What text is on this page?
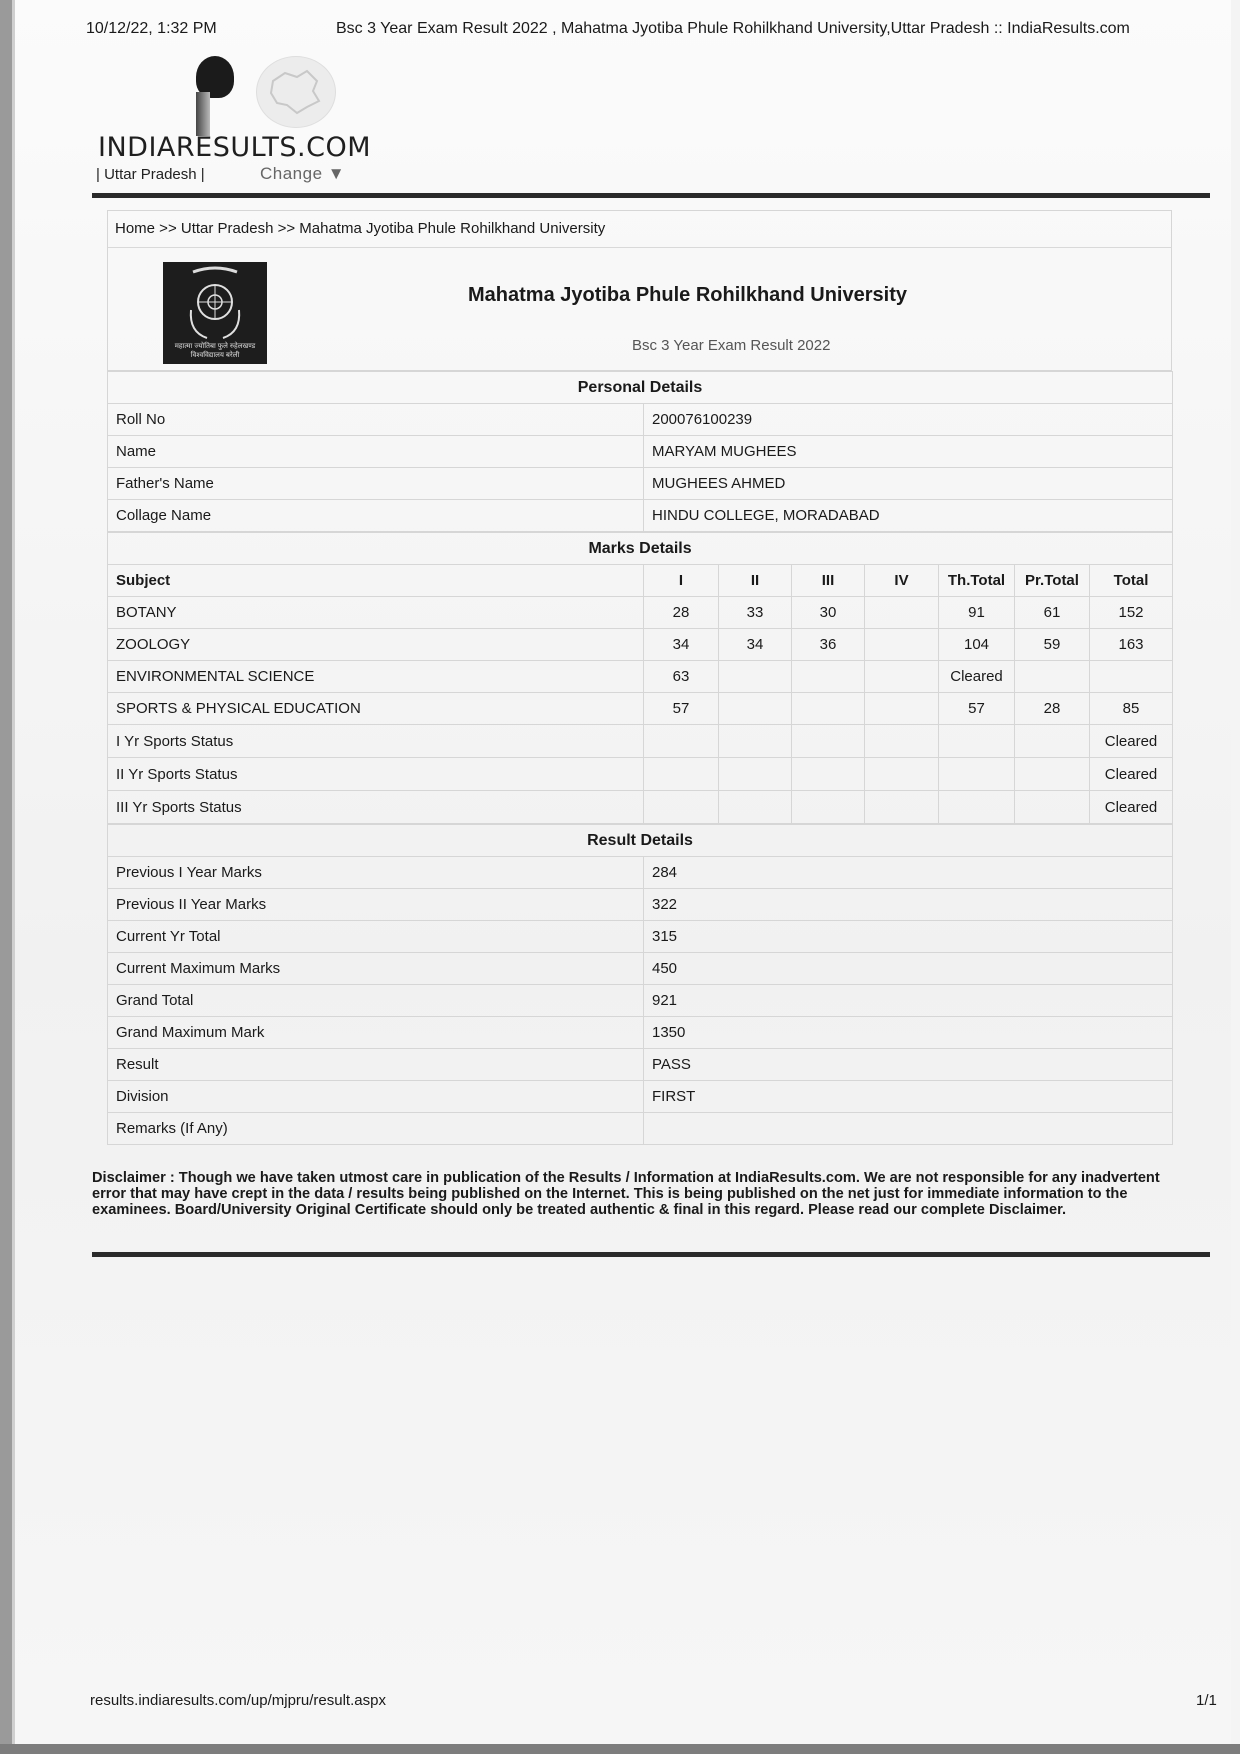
10/12/22, 1:32 PM	Bsc 3 Year Exam Result 2022 , Mahatma Jyotiba Phule Rohilkhand University,Uttar Pradesh :: IndiaResults.com
INDIARESULTS.COM
| Uttar Pradesh |	Change ▼
Home >> Uttar Pradesh >> Mahatma Jyotiba Phule Rohilkhand University
महात्मा ज्योतिबा फुले रुहेलखण्ड विश्वविद्यालय बरेली
Mahatma Jyotiba Phule Rohilkhand University
Bsc 3 Year Exam Result 2022
Personal Details	
Roll No	200076100239
Name	MARYAM MUGHEES
Father's Name	MUGHEES AHMED
Collage Name	HINDU COLLEGE, MORADABAD
Marks Details							
Subject	I	II	III	IV	Th.Total	Pr.Total	Total
BOTANY	28	33	30		91	61	152
ZOOLOGY	34	34	36		104	59	163
ENVIRONMENTAL SCIENCE	63				Cleared		
SPORTS & PHYSICAL EDUCATION	57				57	28	85
I Yr Sports Status							Cleared
II Yr Sports Status							Cleared
III Yr Sports Status							Cleared
Result Details	
Previous I Year Marks	284
Previous II Year Marks	322
Current Yr Total	315
Current Maximum Marks	450
Grand Total	921
Grand Maximum Mark	1350
Result	PASS
Division	FIRST
Remarks (If Any)	
Disclaimer : Though we have taken utmost care in publication of the Results / Information at IndiaResults.com. We are not responsible for any inadvertent error that may have crept in the data / results being published on the Internet. This is being published on the net just for immediate information to the examinees. Board/University Original Certificate should only be treated authentic & final in this regard. Please read our complete Disclaimer.
results.indiaresults.com/up/mjpru/result.aspx	1/1
